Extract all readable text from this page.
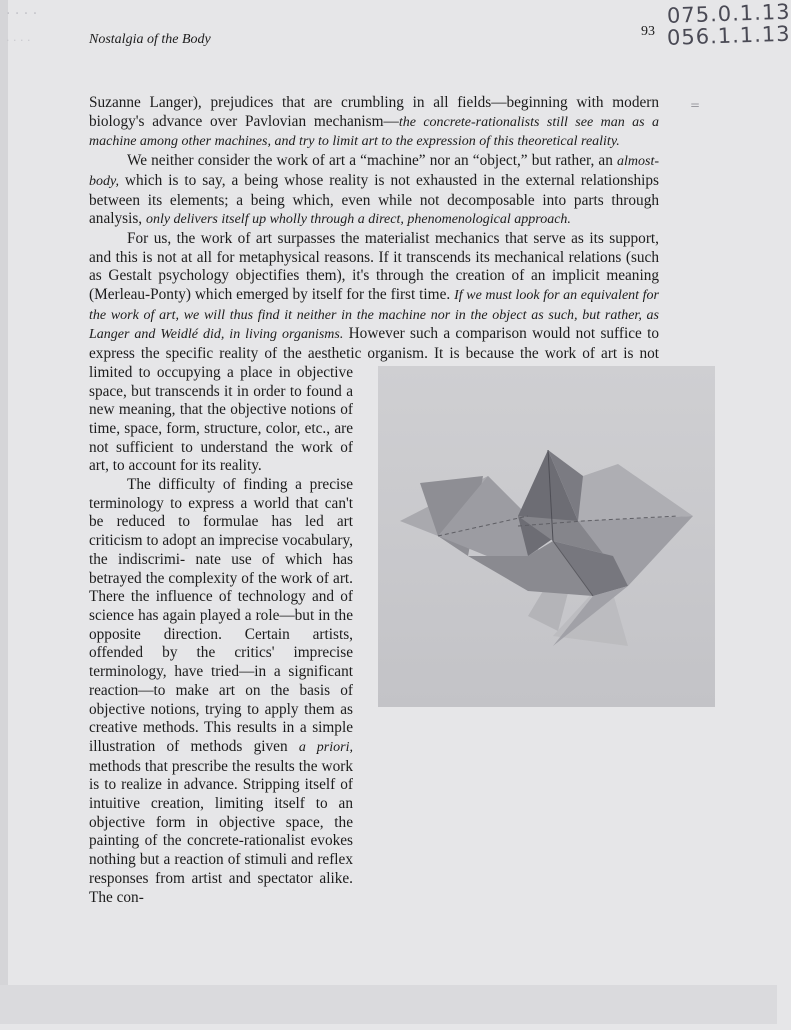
· · · ·
· · · ·
=
Nostalgia of the Body
93
075.0.1.13
056.1.1.13

Suzanne Langer), prejudices that are crumbling in all fields—beginning with modern biology's advance over Pavlovian mechanism—the concrete-rationalists still see man as a machine among other machines, and try to limit art to the expression of this theoretical reality.

We neither consider the work of art a “machine” nor an “object,” but rather, an almost-body, which is to say, a being whose reality is not exhausted in the external relationships between its elements; a being which, even while not decomposable into parts through analysis, only delivers itself up wholly through a direct, phenomenological approach.

For us, the work of art surpasses the materialist mechanics that serve as its support, and this is not at all for metaphysical reasons. If it transcends its mechanical relations (such as Gestalt psychology objectifies them), it's through the creation of an implicit meaning (Merleau-Ponty) which emerged by itself for the first time. If we must look for an equivalent for the work of art, we will thus find it neither in the machine nor in the object as such, but rather, as Langer and Weidlé did, in living organisms. However such a comparison would not suffice to express the specific reality of the aesthetic organism. It is because the work of art is not limited to occupying a place in objective space, but transcends it in order to found a new meaning, that the objective notions of time, space, form, structure, color, etc., are not sufficient to understand the work of art, to account for its reality.

The difficulty of finding a precise terminology to express a world that can't be reduced to formulae has led art criticism to adopt an imprecise vocabulary, the indiscrimi- nate use of which has betrayed the complexity of the work of art. There the influence of technology and of science has again played a role—but in the opposite direction. Certain artists, offended by the critics' imprecise terminology, have tried—in a significant reaction—to make art on the basis of objective notions, trying to apply them as creative methods. This results in a simple illustration of methods given a priori, methods that prescribe the results the work is to realize in advance. Stripping itself of intuitive creation, limiting itself to an objective form in objective space, the painting of the concrete-rationalist evokes nothing but a reaction of stimuli and reflex responses from artist and spectator alike. The con-
